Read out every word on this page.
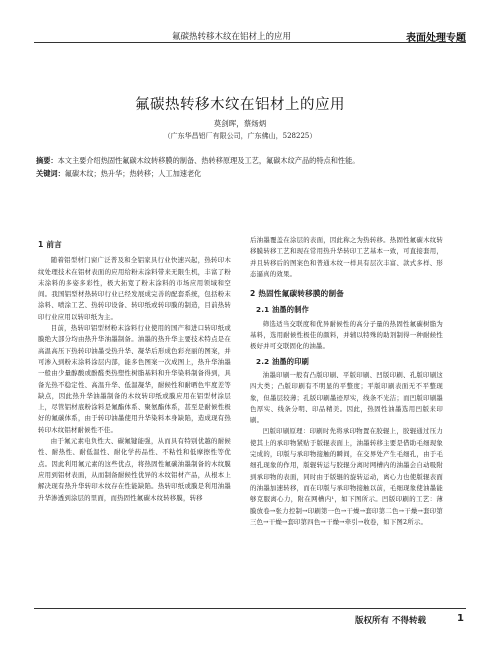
氟碳热转移木纹在铝材上的应用	表面处理专题
氟碳热转移木纹在铝材上的应用
莫剑晖，蔡炀炳
（广东华昌铝厂有限公司，广东佛山，528225）
摘要：本文主要介绍热固性氟碳木纹转移膜的制备、热转移原理及工艺，氟碳木纹产品的特点和性能。
关键词：氟碳木纹；热升华；热转移；人工加速老化
1 前言

随着铝型材门窗广泛普及和全铝家具行业快速兴起，热转印木纹处理技术在铝材表面的应用给粉末涂料带来无限生机，丰富了粉末涂料的多姿多彩性，极大拓宽了粉末涂料的市场应用领域和空间。我国铝型材热转印行业已经发展成完善的配套系统，包括粉末涂料、喷涂工艺、热转印设备、转印纸或转印膜的制造，目前热转印行业应用以转印纸为主。

目前，热转印铝型材粉末涂料行业使用的国产和进口转印纸或膜绝大部分均由热升华油墨制备。油墨的热升华主要技术特点是在高温高压下热转印油墨受热升华、凝华后形成色彩亮丽的图案，并可渗入到粉末涂料涂层内部，能多色图案一次成图上，热升华油墨一般由少量醇酸或酚醛类热塑性树脂基料和升华染料制备得到，具备光热不稳定性、高温升华、低温凝华，耐候性和耐晒色牢度差等缺点，因此热升华油墨制备的木纹转印纸或膜应用在铝型材涂层上，尽管铝材底粉涂料是氟酯体系、聚氨酯体系，甚至是耐候性极好的氟碳体系，由于转印油墨使用升华染料本身缺陷，造成现有热转印木纹铝材耐候性不佳。

由于氟元素电负性大、碳氟键能强，从而具有特别优越的耐候性、耐热性、耐低温性、耐化学药品性、不粘性和低摩擦性等优点。因此利用氟元素的这些优点，将热固性氟碳油墨制备的木纹膜应用到铝材表面，从而制备耐候性优异的木纹铝材产品，从根本上解决现有热升华转印木纹存在性能缺陷。热转印纸或膜是利用油墨升华渗透到涂层的里面，而热固性氟碳木纹转移膜，转移

后油墨覆盖在涂层的表面，因此称之为热转移。热固性氟碳木纹转移膜转移工艺和现在常用热升华转印工艺基本一致，可直接套用，并且转移后的图案色和普通木纹一样具有层次丰富、款式多样、形态逼真的效果。

2 热固性氟碳转移膜的制备
2.1 油墨的制作

筛选适当交联度和优异耐候性的高分子量的热固性氟碳树脂为基料，选用耐候性极佳的颜料，并辅以特殊的助剂制得一种耐候性极好并可交联固化的油墨。

2.2 油墨的印刷

油墨印刷一般有凸版印刷、平版印刷、凹版印刷、孔版印刷这四大类；凸版印刷有不明显的平整度；平版印刷表面无不平整现象，但墨层较薄；孔版印刷墨迹厚实，线条不光洁；而凹版印刷墨色厚实、线条分明、印品精美。因此，热固性油墨选用凹版来印刷。

凹版印刷原理：印刷时先将承印物置在胶辊上，胶辊通过压力使其上的承印物紧贴于版辊表面上，油墨转移主要是借助毛细现象完成的，印版与承印物接触的瞬间，在交界处产生毛细孔，由于毛细孔现象的作用，版辊转运与胶辊分离时网槽内的油墨会自动吸附到承印物的表面，同时由于版辊的旋转运动，离心力也使版辊表面的油墨加速转移，而在印版与承印物接触以前，毛细现象使油墨能够克服离心力，附在网槽内¹，如下图所示。凹版印刷的工艺：薄膜放卷→张力控制→印刷第一色→干燥→套印第二色→干燥→套印第三色→干燥→套印第四色→干燥→牵引→收卷，如下图2所示。

版权所有 不得转载	1
